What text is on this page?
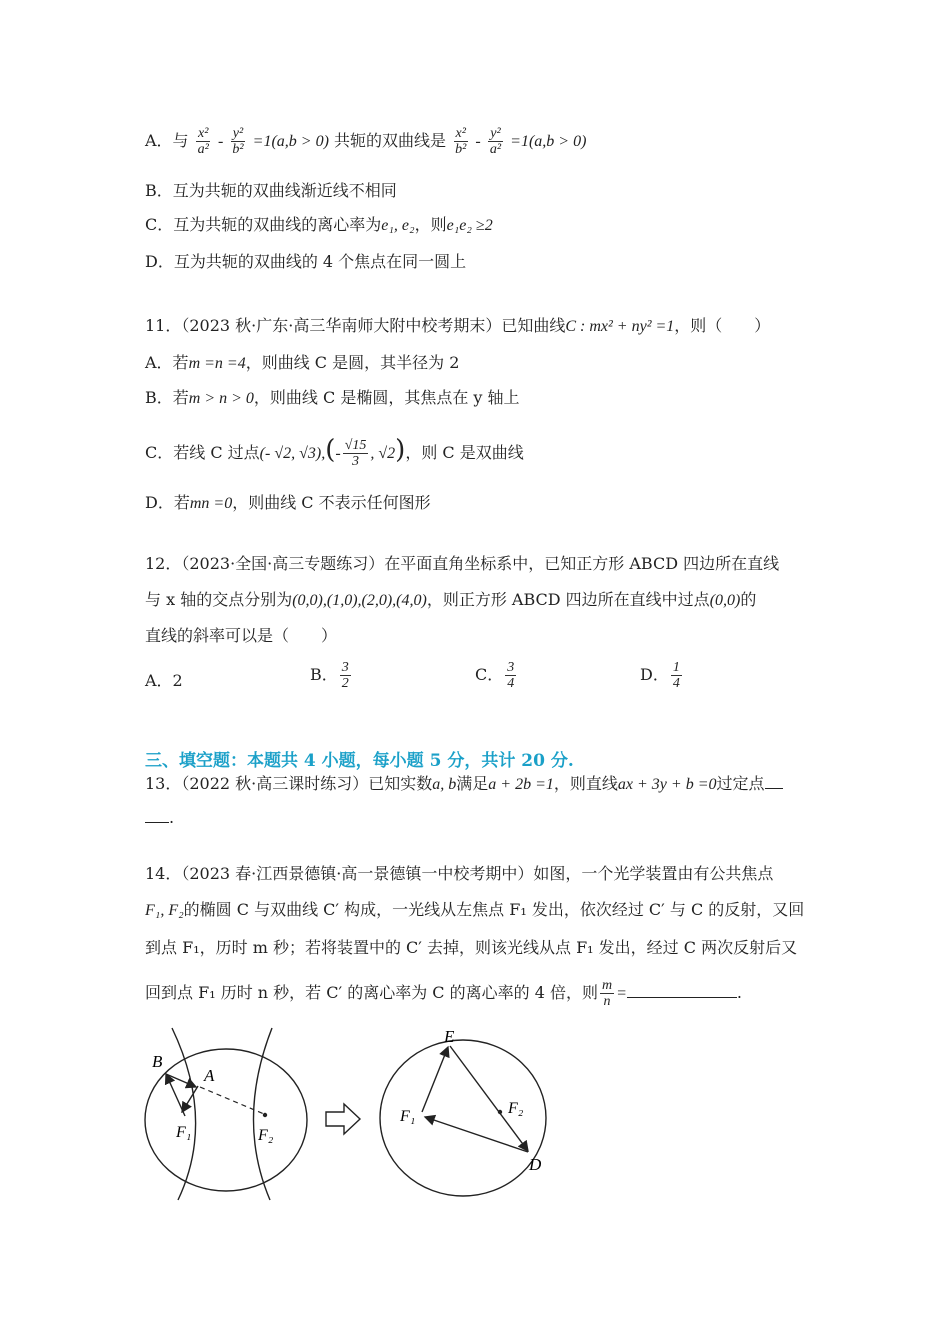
A．与 $\frac{\text{x²}}{\text{a²}} - \frac{\text{y²}}{\text{b²}} =1(a,b > 0)$ 共轭的双曲线是 $\frac{\text{x²}}{\text{b²}} - \frac{\text{y²}}{\text{a²}} =1(a,b > 0)$
B．互为共轭的双曲线渐近线不相同
C．互为共轭的双曲线的离心率为e₁, e₂，则e₁e₂ ≥2
D．互为共轭的双曲线的 4 个焦点在同一圆上
11．（2023 秋·广东·高三华南师大附中校考期末）已知曲线C : mx² + ny² =1，则（　　）
A．若m =n =4，则曲线 C 是圆，其半径为 2
B．若m > n > 0，则曲线 C 是椭圆，其焦点在 y 轴上
C．若线 C 过点(- √2, $√3),(- \frac{√15}{3}$ , √2)，则 C 是双曲线
D．若mn =0，则曲线 C 不表示任何图形
12．（2023·全国·高三专题练习）在平面直角坐标系中，已知正方形 ABCD 四边所在直线
与 x 轴的交点分别为(0,0),(1,0),(2,0),(4,0)，则正方形 ABCD 四边所在直线中过点(0,0)的
直线的斜率可以是（　　）
A．2	B． $\frac{3}{2}$	C． $\frac{3}{4}$	D． $\frac{1}{4}$
三、填空题：本题共 4 小题，每小题 5 分，共计 20 分.
13．（2022 秋·高三课时练习）已知实数a, b满足a + 2b =1，则直线ax + 3y + b =0过定点
.
14．（2023 春·江西景德镇·高一景德镇一中校考期中）如图，一个光学装置由有公共焦点
F₁, F₂的椭圆 C 与双曲线 C′ 构成，一光线从左焦点 F₁ 发出，依次经过 C′ 与 C 的反射，又回
到点 F₁，历时 m 秒；若将装置中的 C′ 去掉，则该光线从点 F₁ 发出，经过 C 两次反射后又
回到点 F₁ 历时 n 秒，若 C′ 的离心率为 C 的离心率的 4 倍，则 $\frac{m}{n}$ =	.
B
A
F₁	F₂
E
F₁	F₂
D
